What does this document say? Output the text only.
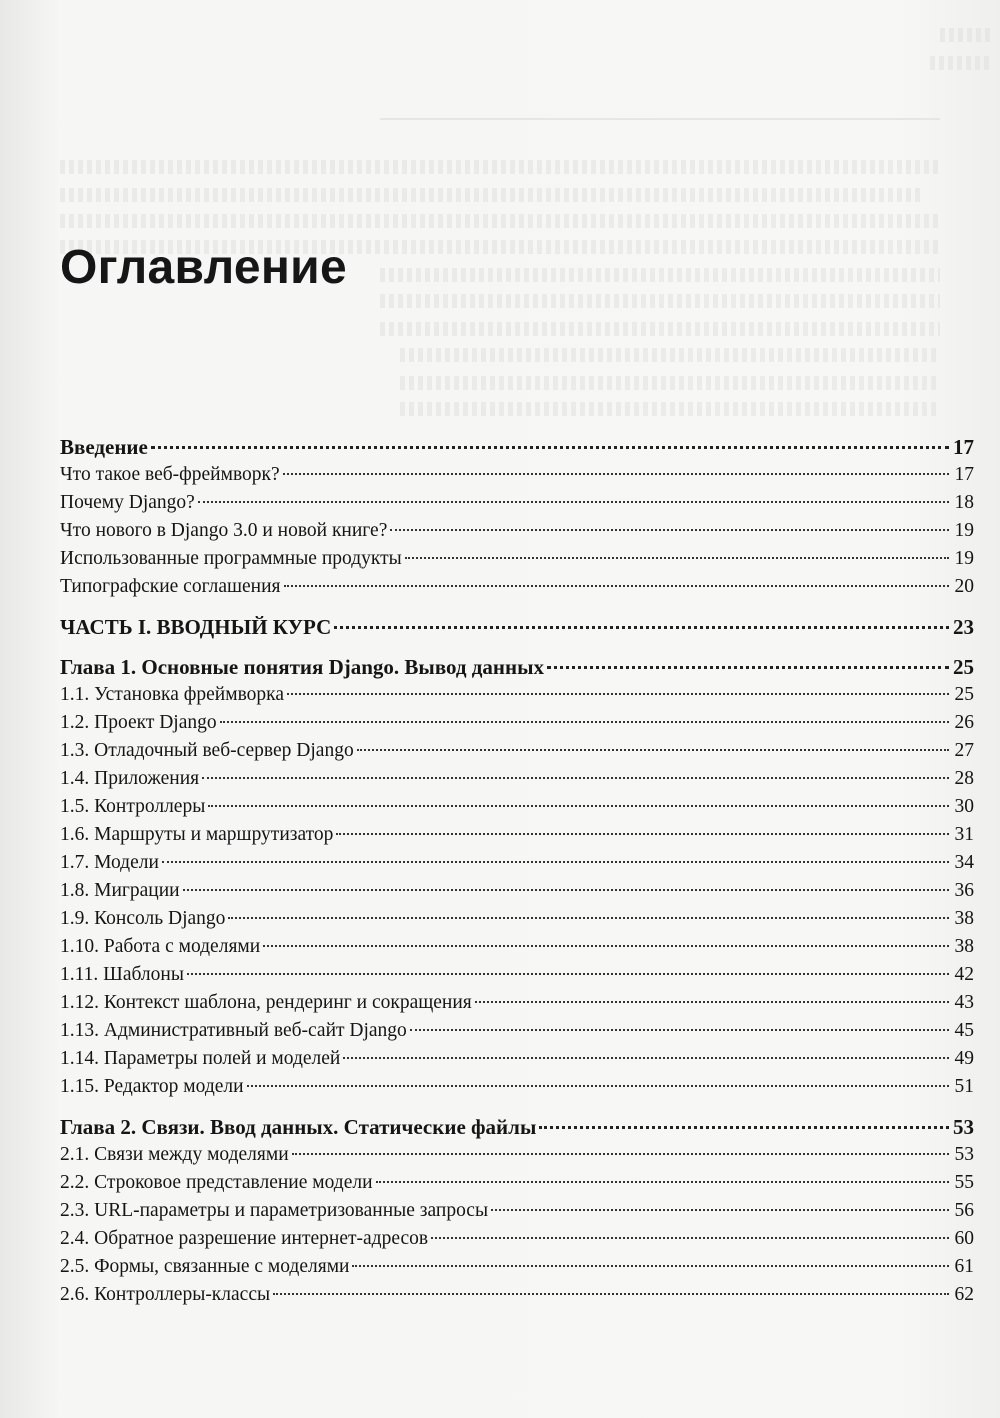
Оглавление
Введение	17
Что такое веб-фреймворк?	17
Почему Django?	18
Что нового в Django 3.0 и новой книге?	19
Использованные программные продукты	19
Типографские соглашения	20
ЧАСТЬ I. ВВОДНЫЙ КУРС	23
Глава 1. Основные понятия Django. Вывод данных	25
1.1. Установка фреймворка	25
1.2. Проект Django	26
1.3. Отладочный веб-сервер Django	27
1.4. Приложения	28
1.5. Контроллеры	30
1.6. Маршруты и маршрутизатор	31
1.7. Модели	34
1.8. Миграции	36
1.9. Консоль Django	38
1.10. Работа с моделями	38
1.11. Шаблоны	42
1.12. Контекст шаблона, рендеринг и сокращения	43
1.13. Административный веб-сайт Django	45
1.14. Параметры полей и моделей	49
1.15. Редактор модели	51
Глава 2. Связи. Ввод данных. Статические файлы	53
2.1. Связи между моделями	53
2.2. Строковое представление модели	55
2.3. URL-параметры и параметризованные запросы	56
2.4. Обратное разрешение интернет-адресов	60
2.5. Формы, связанные с моделями	61
2.6. Контроллеры-классы	62
